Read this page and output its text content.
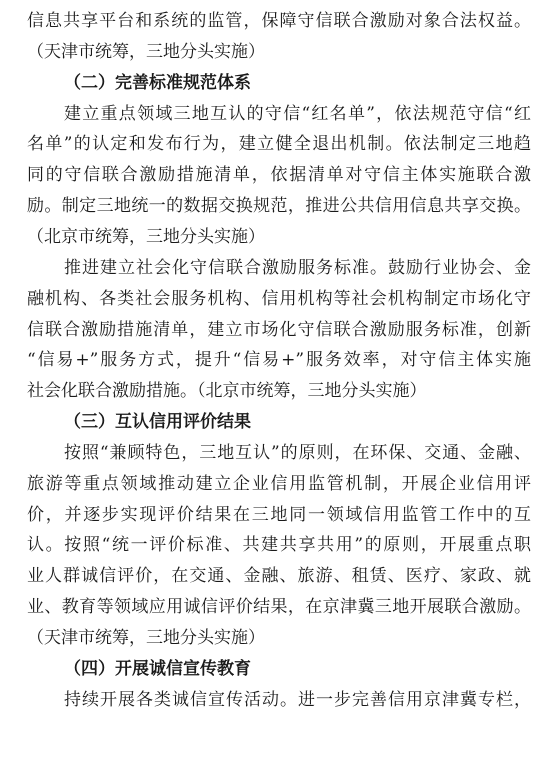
信息共享平台和系统的监管，保障守信联合激励对象合法权益。
（天津市统筹，三地分头实施）
（二）完善标准规范体系
建立重点领域三地互认的守信“红名单”，依法规范守信“红
名单”的认定和发布行为，建立健全退出机制。依法制定三地趋
同的守信联合激励措施清单，依据清单对守信主体实施联合激
励。制定三地统一的数据交换规范，推进公共信用信息共享交换。
（北京市统筹，三地分头实施）
推进建立社会化守信联合激励服务标准。鼓励行业协会、金
融机构、各类社会服务机构、信用机构等社会机构制定市场化守
信联合激励措施清单，建立市场化守信联合激励服务标准，创新
“信易+”服务方式，提升“信易+”服务效率，对守信主体实施
社会化联合激励措施。（北京市统筹，三地分头实施）
（三）互认信用评价结果
按照“兼顾特色，三地互认”的原则，在环保、交通、金融、
旅游等重点领域推动建立企业信用监管机制，开展企业信用评
价，并逐步实现评价结果在三地同一领域信用监管工作中的互
认。按照“统一评价标准、共建共享共用”的原则，开展重点职
业人群诚信评价，在交通、金融、旅游、租赁、医疗、家政、就
业、教育等领域应用诚信评价结果，在京津冀三地开展联合激励。
（天津市统筹，三地分头实施）
（四）开展诚信宣传教育
持续开展各类诚信宣传活动。进一步完善信用京津冀专栏，
